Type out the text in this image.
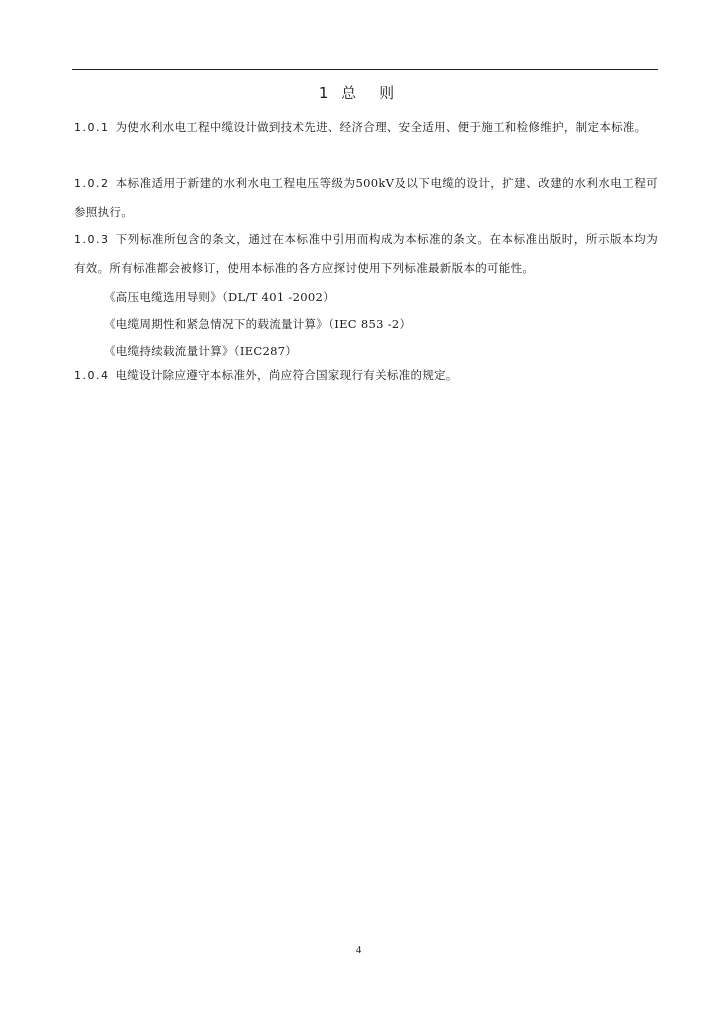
1 总　则
1.0.1 为使水利水电工程中缆设计做到技术先进、经济合理、安全适用、便于施工和检修维护，制定本标准。
1.0.2 本标准适用于新建的水利水电工程电压等级为500kV及以下电缆的设计，扩建、改建的水利水电工程可参照执行。
1.0.3 下列标准所包含的条文，通过在本标准中引用而构成为本标准的条文。在本标准出版时，所示版本均为有效。所有标准都会被修订，使用本标准的各方应探讨使用下列标准最新版本的可能性。
《高压电缆选用导则》（DL/T 401 -2002）
《电缆周期性和紧急情况下的载流量计算》（IEC 853 -2）
《电缆持续载流量计算》（IEC287）
1.0.4 电缆设计除应遵守本标准外，尚应符合国家现行有关标准的规定。
4
